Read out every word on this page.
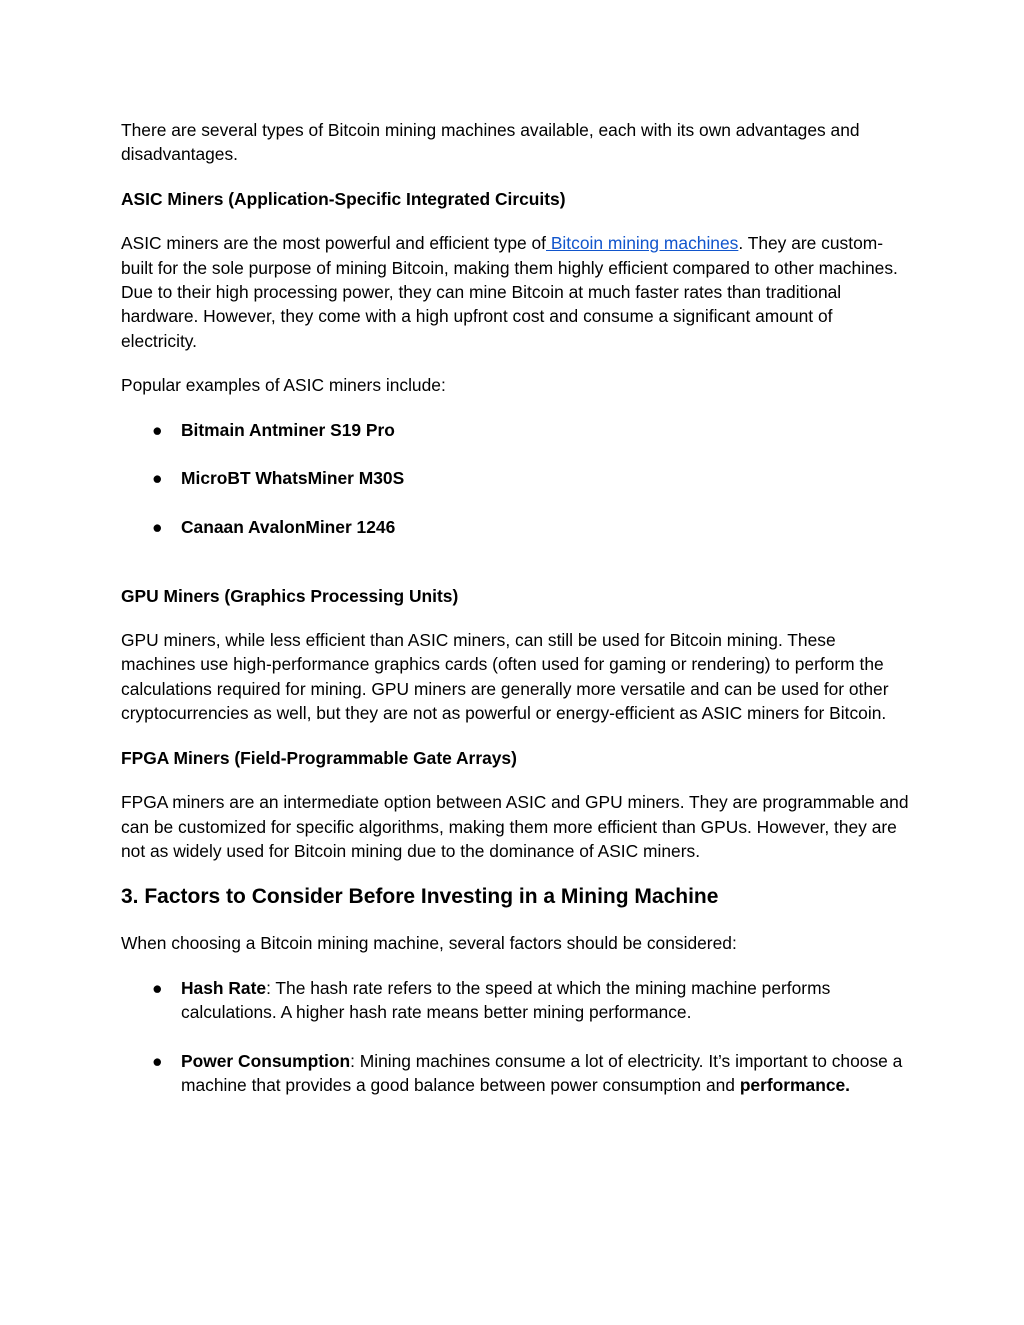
There are several types of Bitcoin mining machines available, each with its own advantages and disadvantages.

ASIC Miners (Application-Specific Integrated Circuits)

ASIC miners are the most powerful and efficient type of Bitcoin mining machines. They are custom-built for the sole purpose of mining Bitcoin, making them highly efficient compared to other machines. Due to their high processing power, they can mine Bitcoin at much faster rates than traditional hardware. However, they come with a high upfront cost and consume a significant amount of electricity.

Popular examples of ASIC miners include:

● Bitmain Antminer S19 Pro
● MicroBT WhatsMiner M30S
● Canaan AvalonMiner 1246

GPU Miners (Graphics Processing Units)

GPU miners, while less efficient than ASIC miners, can still be used for Bitcoin mining. These machines use high-performance graphics cards (often used for gaming or rendering) to perform the calculations required for mining. GPU miners are generally more versatile and can be used for other cryptocurrencies as well, but they are not as powerful or energy-efficient as ASIC miners for Bitcoin.

FPGA Miners (Field-Programmable Gate Arrays)

FPGA miners are an intermediate option between ASIC and GPU miners. They are programmable and can be customized for specific algorithms, making them more efficient than GPUs. However, they are not as widely used for Bitcoin mining due to the dominance of ASIC miners.

3. Factors to Consider Before Investing in a Mining Machine

When choosing a Bitcoin mining machine, several factors should be considered:

● Hash Rate: The hash rate refers to the speed at which the mining machine performs calculations. A higher hash rate means better mining performance.
● Power Consumption: Mining machines consume a lot of electricity. It’s important to choose a machine that provides a good balance between power consumption and performance.
